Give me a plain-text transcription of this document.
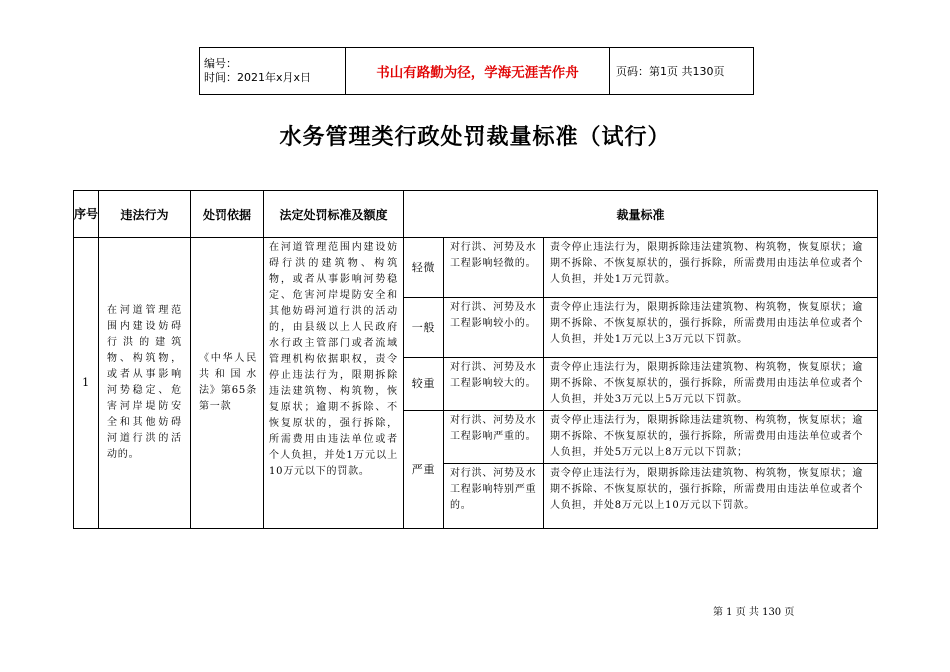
编号：
时间：2021年x月x日	书山有路勤为径，学海无涯苦作舟	页码：第1页 共130页
水务管理类行政处罚裁量标准（试行）
序号	违法行为	处罚依据	法定处罚标准及额度	裁量标准		
1	在河道管理范围内建设妨碍行洪的建筑物、构筑物，或者从事影响河势稳定、危害河岸堤防安全和其他妨碍河道行洪的活动的。	《中华人民共和国水法》第65条第一款	在河道管理范围内建设妨碍行洪的建筑物、构筑物，或者从事影响河势稳定、危害河岸堤防安全和其他妨碍河道行洪的活动的，由县级以上人民政府水行政主管部门或者流域管理机构依据职权，责令停止违法行为，限期拆除违法建筑物、构筑物，恢复原状；逾期不拆除、不恢复原状的，强行拆除，所需费用由违法单位或者个人负担，并处1万元以上 10万元以下的罚款。	轻微	对行洪、河势及水工程影响轻微的。	责令停止违法行为，限期拆除违法建筑物、构筑物，恢复原状；逾期不拆除、不恢复原状的，强行拆除，所需费用由违法单位或者个人负担，并处1万元罚款。
				一般	对行洪、河势及水工程影响较小的。	责令停止违法行为，限期拆除违法建筑物、构筑物，恢复原状；逾期不拆除、不恢复原状的，强行拆除，所需费用由违法单位或者个人负担，并处1万元以上3万元以下罚款。
				较重	对行洪、河势及水工程影响较大的。	责令停止违法行为，限期拆除违法建筑物、构筑物，恢复原状；逾期不拆除、不恢复原状的，强行拆除，所需费用由违法单位或者个人负担，并处3万元以上5万元以下罚款。
				严重	对行洪、河势及水工程影响严重的。	责令停止违法行为，限期拆除违法建筑物、构筑物，恢复原状；逾期不拆除、不恢复原状的，强行拆除，所需费用由违法单位或者个人负担，并处5万元以上8万元以下罚款；
					对行洪、河势及水工程影响特别严重的。	责令停止违法行为，限期拆除违法建筑物、构筑物，恢复原状；逾期不拆除、不恢复原状的，强行拆除，所需费用由违法单位或者个人负担，并处8万元以上10万元以下罚款。
第 1 页 共 130 页
